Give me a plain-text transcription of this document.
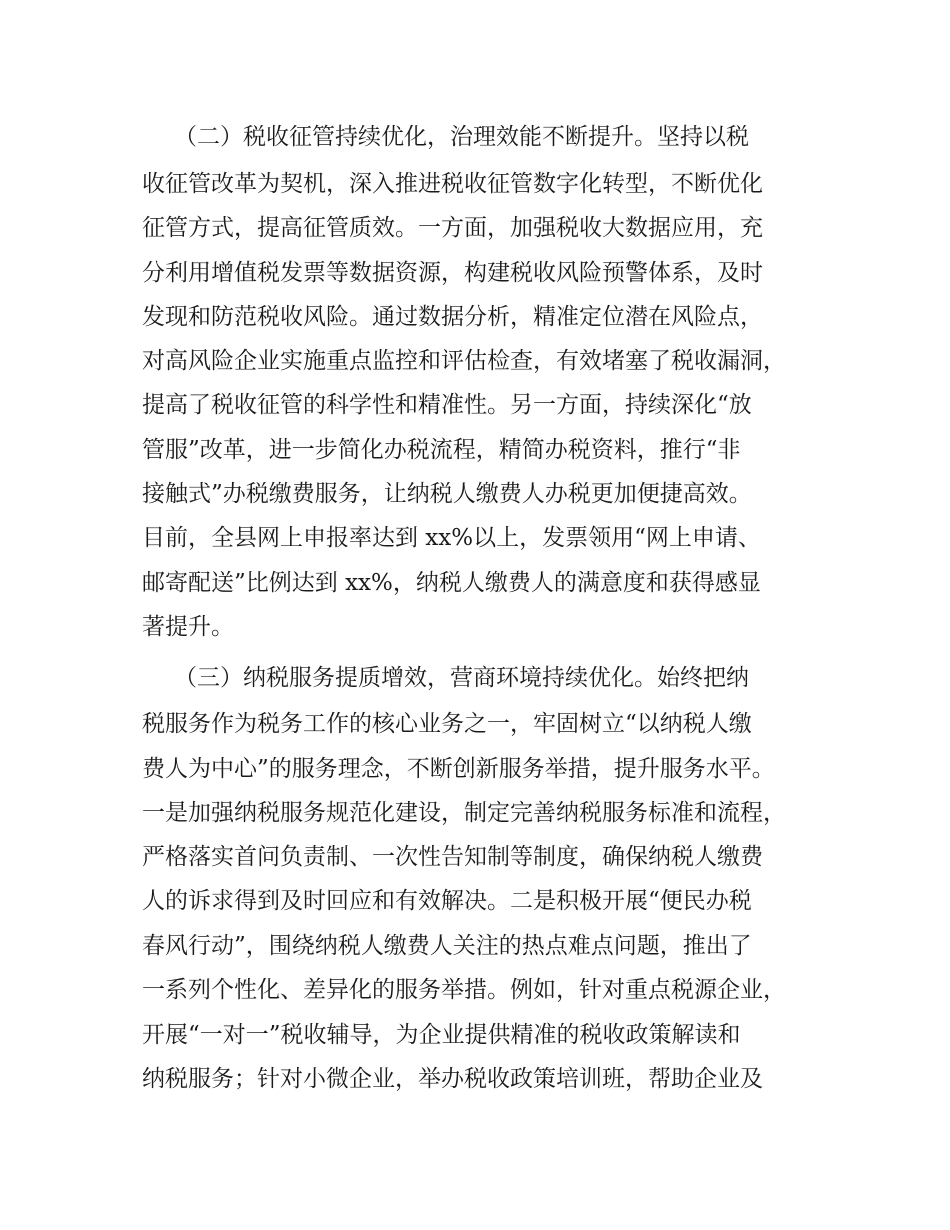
（二）税收征管持续优化，治理效能不断提升。坚持以税
收征管改革为契机，深入推进税收征管数字化转型，不断优化
征管方式，提高征管质效。一方面，加强税收大数据应用，充
分利用增值税发票等数据资源，构建税收风险预警体系，及时
发现和防范税收风险。通过数据分析，精准定位潜在风险点，
对高风险企业实施重点监控和评估检查，有效堵塞了税收漏洞，
提高了税收征管的科学性和精准性。另一方面，持续深化“放
管服”改革，进一步简化办税流程，精简办税资料，推行“非
接触式”办税缴费服务，让纳税人缴费人办税更加便捷高效。
目前，全县网上申报率达到 xx%以上，发票领用“网上申请、
邮寄配送”比例达到 xx%，纳税人缴费人的满意度和获得感显
著提升。
（三）纳税服务提质增效，营商环境持续优化。始终把纳
税服务作为税务工作的核心业务之一，牢固树立“以纳税人缴
费人为中心”的服务理念，不断创新服务举措，提升服务水平。
一是加强纳税服务规范化建设，制定完善纳税服务标准和流程，
严格落实首问负责制、一次性告知制等制度，确保纳税人缴费
人的诉求得到及时回应和有效解决。二是积极开展“便民办税
春风行动”，围绕纳税人缴费人关注的热点难点问题，推出了
一系列个性化、差异化的服务举措。例如，针对重点税源企业，
开展“一对一”税收辅导，为企业提供精准的税收政策解读和
纳税服务；针对小微企业，举办税收政策培训班，帮助企业及
